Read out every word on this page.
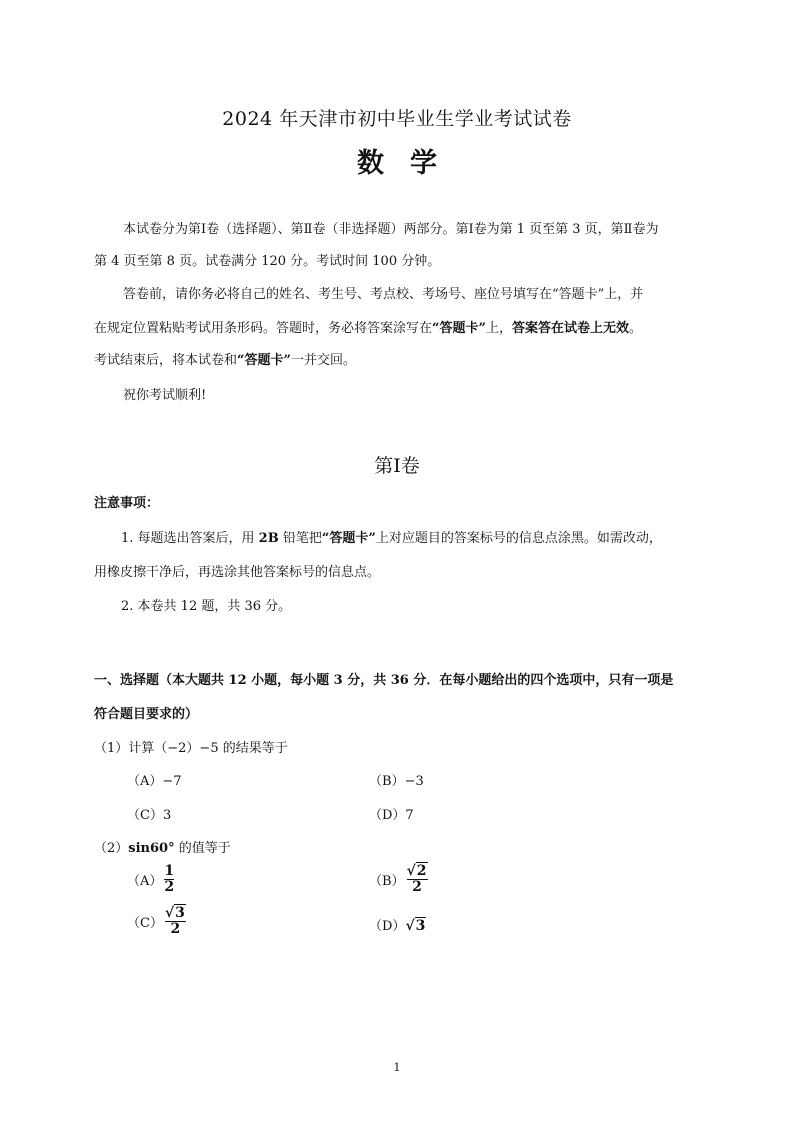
2024 年天津市初中毕业生学业考试试卷
数学
本试卷分为第Ⅰ卷（选择题）、第Ⅱ卷（非选择题）两部分。第Ⅰ卷为第 1 页至第 3 页，第Ⅱ卷为
第 4 页至第 8 页。试卷满分 120 分。考试时间 100 分钟。
答卷前，请你务必将自己的姓名、考生号、考点校、考场号、座位号填写在“答题卡”上，并
在规定位置粘贴考试用条形码。答题时，务必将答案涂写在“答题卡”上，答案答在试卷上无效。
考试结束后，将本试卷和“答题卡”一并交回。
祝你考试顺利!
第Ⅰ卷
注意事项：
1. 每题选出答案后，用 2B 铅笔把“答题卡”上对应题目的答案标号的信息点涂黑。如需改动，
用橡皮擦干净后，再选涂其他答案标号的信息点。
2. 本卷共 12 题，共 36 分。
一、选择题（本大题共 12 小题，每小题 3 分，共 36 分．在每小题给出的四个选项中，只有一项是
符合题目要求的）
（1）计算（−2）−5 的结果等于
（A）−7	（B）−3
（C）3	（D）7
（2）sin60° 的值等于
$(A) \frac{1}{2}$	$(B) \frac{√2}{2}$
$(C) \frac{√3}{2}$	（D）√3
1
